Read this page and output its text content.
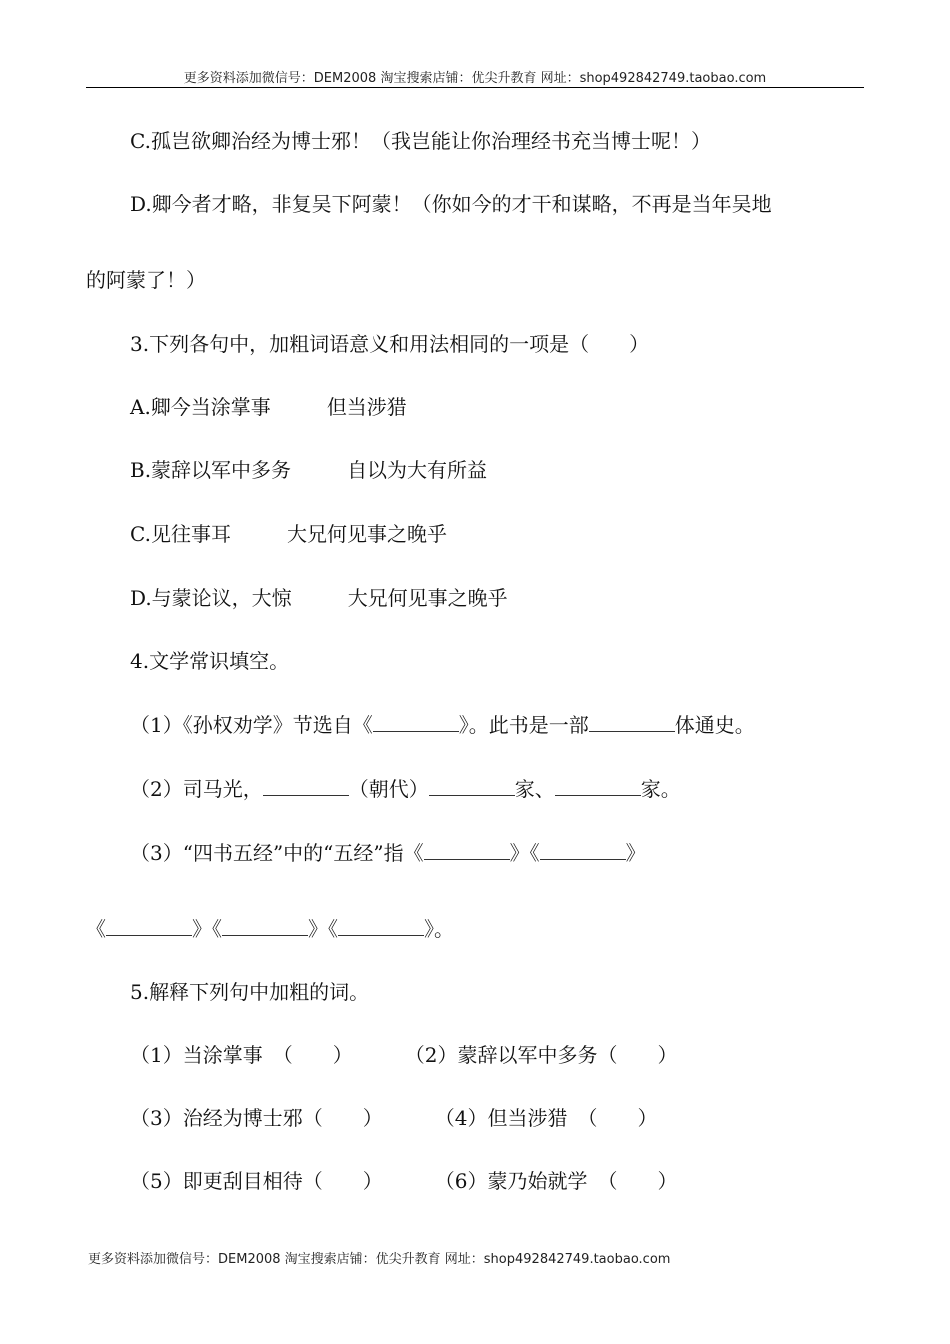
更多资料添加微信号：DEM2008 淘宝搜索店铺：优尖升教育 网址：shop492842749.taobao.com
C.孤岂欲卿治经为博士邪！（我岂能让你治理经书充当博士呢！）
D.卿今者才略，非复吴下阿蒙！（你如今的才干和谋略，不再是当年吴地
的阿蒙了！）
3.下列各句中，加粗词语意义和用法相同的一项是（　　）
A.卿今当涂掌事	但当涉猎
B.蒙辞以军中多务	自以为大有所益
C.见往事耳	大兄何见事之晚乎
D.与蒙论议，大惊	大兄何见事之晚乎
4.文学常识填空。
（1）《孙权劝学》节选自《	》。此书是一部	体通史。
（2）司马光，	（朝代）	家、	家。
（3）“四书五经”中的“五经”指《	》《	》
《	》《	》《	》。
5.解释下列句中加粗的词。
（1）当涂掌事　（　　）	（2）蒙辞以军中多务（　　）
（3）治经为博士邪（　　）	（4）但当涉猎　（　　）
（5）即更刮目相待（　　）	（6）蒙乃始就学　（　　）
更多资料添加微信号：DEM2008 淘宝搜索店铺：优尖升教育 网址：shop492842749.taobao.com
